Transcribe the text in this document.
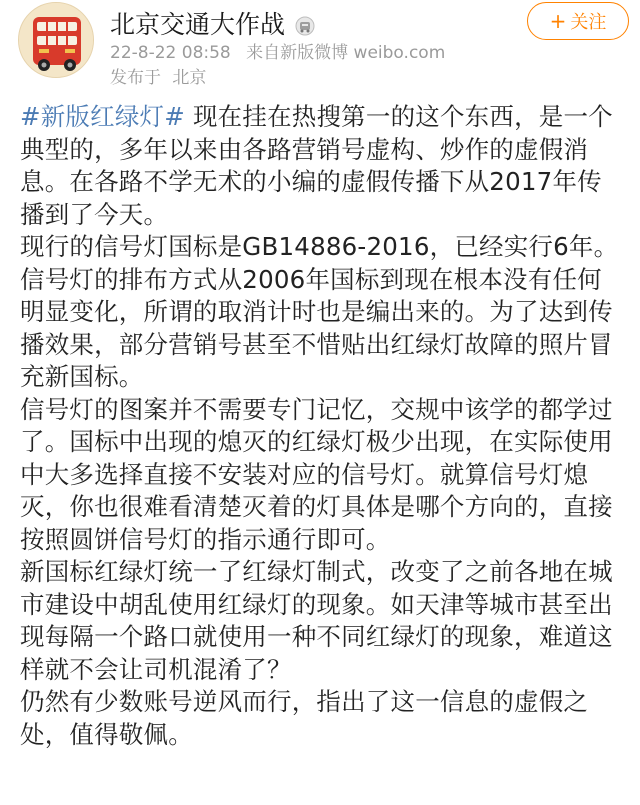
北京交通大作战
22-8-22 08:58 来自新版微博 weibo.com
发布于 北京
+ 关注

#新版红绿灯# 现在挂在热搜第一的这个东西，是一个典型的，多年以来由各路营销号虚构、炒作的虚假消息。在各路不学无术的小编的虚假传播下从2017年传播到了今天。

现行的信号灯国标是GB14886-2016，已经实行6年。信号灯的排布方式从2006年国标到现在根本没有任何明显变化，所谓的取消计时也是编出来的。为了达到传播效果，部分营销号甚至不惜贴出红绿灯故障的照片冒充新国标。

信号灯的图案并不需要专门记忆，交规中该学的都学过了。国标中出现的熄灭的红绿灯极少出现，在实际使用中大多选择直接不安装对应的信号灯。就算信号灯熄灭，你也很难看清楚灭着的灯具体是哪个方向的，直接按照圆饼信号灯的指示通行即可。

新国标红绿灯统一了红绿灯制式，改变了之前各地在城市建设中胡乱使用红绿灯的现象。如天津等城市甚至出现每隔一个路口就使用一种不同红绿灯的现象，难道这样就不会让司机混淆了？

仍然有少数账号逆风而行，指出了这一信息的虚假之处，值得敬佩。
